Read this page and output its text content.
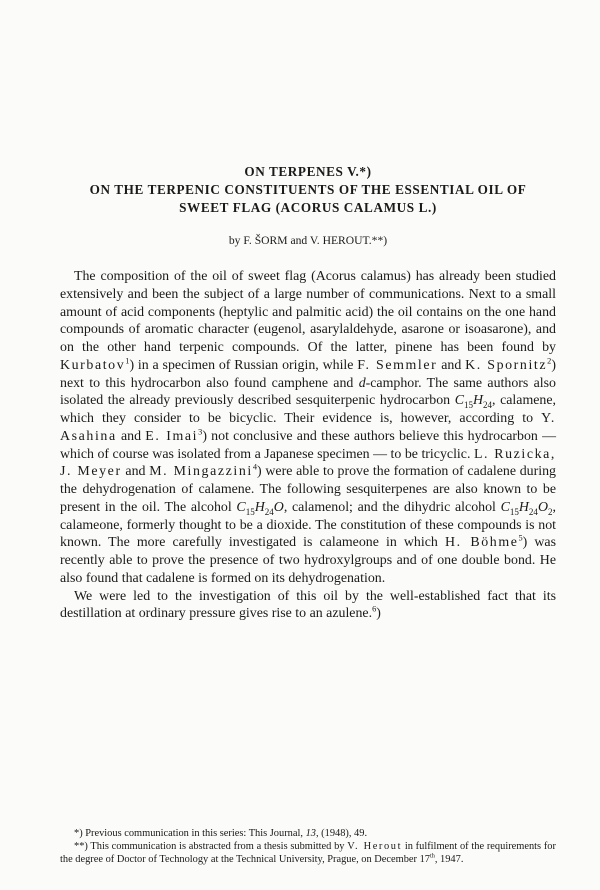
ON TERPENES V.*)
ON THE TERPENIC CONSTITUENTS OF THE ESSENTIAL OIL OF
SWEET FLAG (ACORUS CALAMUS L.)
by F. ŠORM and V. HEROUT.**)

The composition of the oil of sweet flag (Acorus calamus) has already been studied extensively and been the subject of a large number of communications. Next to a small amount of acid components (heptylic and palmitic acid) the oil contains on the one hand compounds of aromatic character (eugenol, asarylaldehyde, asarone or isoasarone), and on the other hand terpenic compounds. Of the latter, pinene has been found by Kurbatov$^1$) in a specimen of Russian origin, while F. Semmler and K. Spornitz$^2$) next to this hydrocarbon also found camphene and d-camphor. The same authors also isolated the already previously described sesquiterpenic hydrocarbon $C_{15}H_{24}$, calamene, which they consider to be bicyclic. Their evidence is, however, according to Y. Asahina and E. Imai$^3$) not conclusive and these authors believe this hydrocarbon — which of course was isolated from a Japanese specimen — to be tricyclic. L. Ruzicka, J. Meyer and M. Mingazzini$^4$) were able to prove the formation of cadalene during the dehydrogenation of calamene. The following sesquiterpenes are also known to be present in the oil. The alcohol $C_{15}H_{24}O$, calamenol; and the dihydric alcohol $C_{15}H_{24}O_2$, calameone, formerly thought to be a dioxide. The constitution of these compounds is not known. The more carefully investigated is calameone in which H. Böhme$^5$) was recently able to prove the presence of two hydroxylgroups and of one double bond. He also found that cadalene is formed on its dehydrogenation.

We were led to the investigation of this oil by the well-established fact that its destillation at ordinary pressure gives rise to an azulene.$^6$)

*) Previous communication in this series: This Journal, 13, (1948), 49.

**) This communication is abstracted from a thesis submitted by V. Herout in fulfilment of the requirements for the degree of Doctor of Technology at the Technical University, Prague, on December 17th, 1947.
